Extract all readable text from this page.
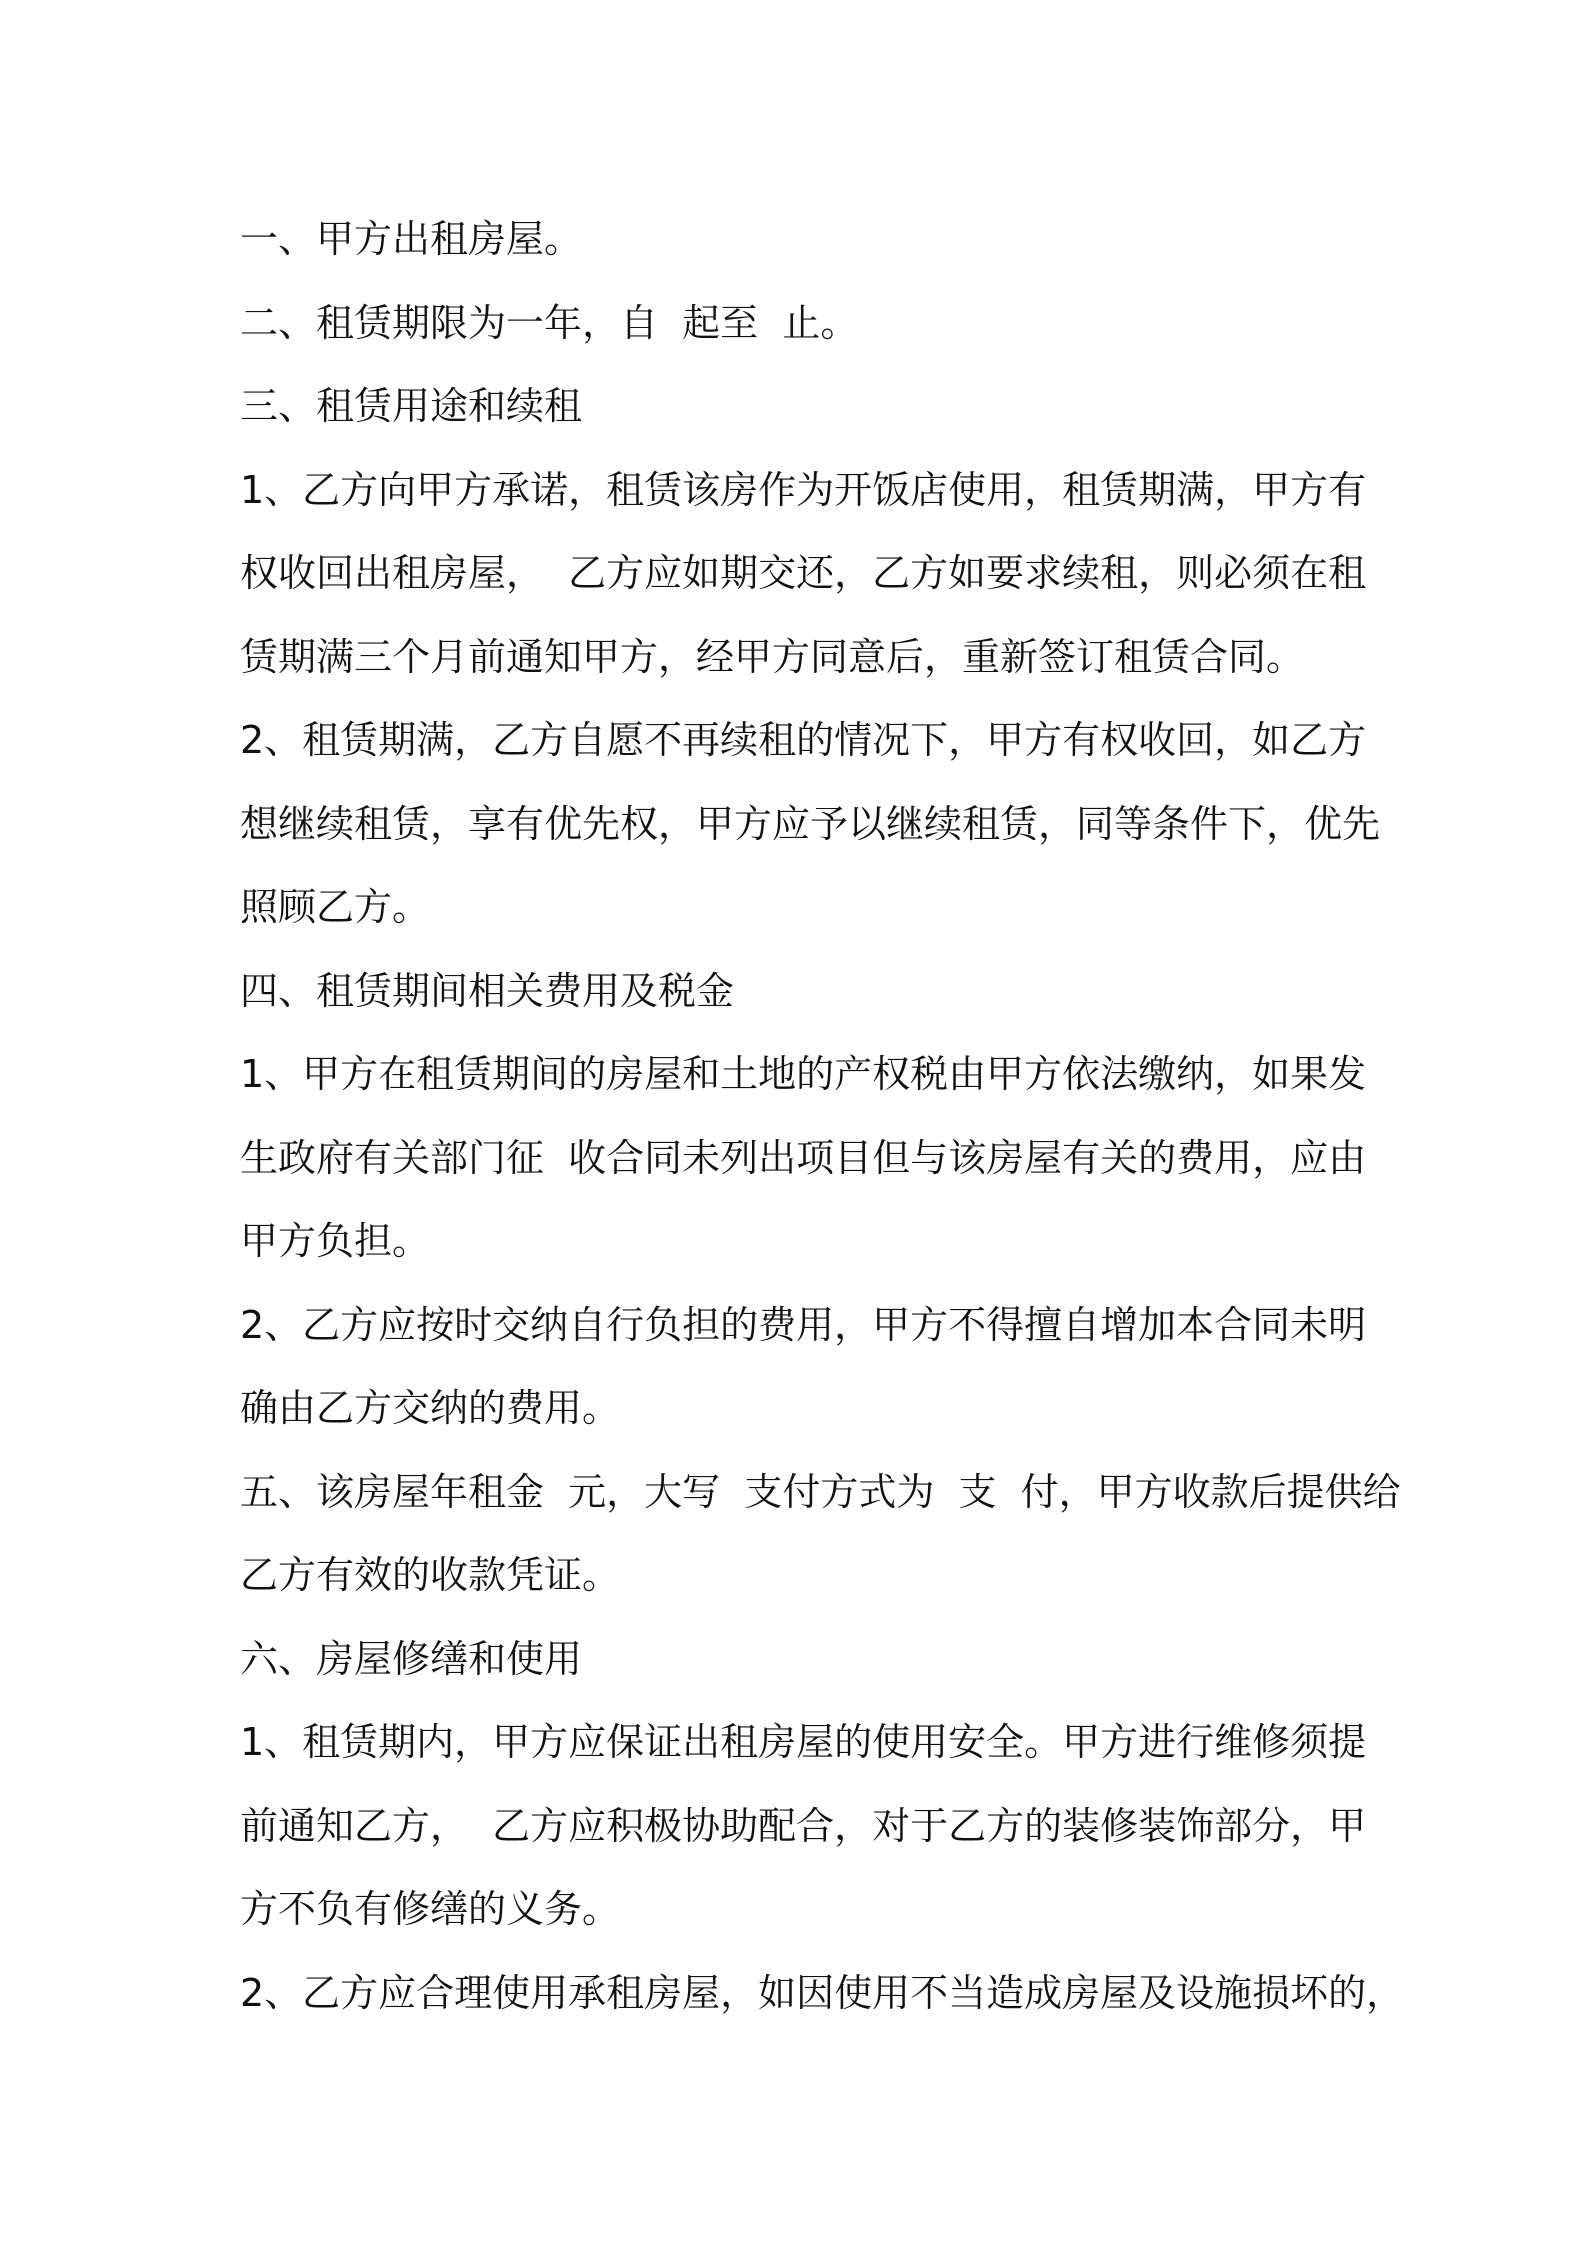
一、甲方出租房屋。
二、租赁期限为一年，自  起至  止。
三、租赁用途和续租
1、乙方向甲方承诺，租赁该房作为开饭店使用，租赁期满，甲方有
权收回出租房屋，  乙方应如期交还，乙方如要求续租，则必须在租
赁期满三个月前通知甲方，经甲方同意后，重新签订租赁合同。
2、租赁期满，乙方自愿不再续租的情况下，甲方有权收回，如乙方
想继续租赁，享有优先权，甲方应予以继续租赁，同等条件下，优先
照顾乙方。
四、租赁期间相关费用及税金
1、甲方在租赁期间的房屋和土地的产权税由甲方依法缴纳，如果发
生政府有关部门征  收合同未列出项目但与该房屋有关的费用，应由
甲方负担。
2、乙方应按时交纳自行负担的费用，甲方不得擅自增加本合同未明
确由乙方交纳的费用。
五、该房屋年租金  元，大写  支付方式为  支  付，甲方收款后提供给
乙方有效的收款凭证。
六、房屋修缮和使用
1、租赁期内，甲方应保证出租房屋的使用安全。甲方进行维修须提
前通知乙方，  乙方应积极协助配合，对于乙方的装修装饰部分，甲
方不负有修缮的义务。
2、乙方应合理使用承租房屋，如因使用不当造成房屋及设施损坏的，
